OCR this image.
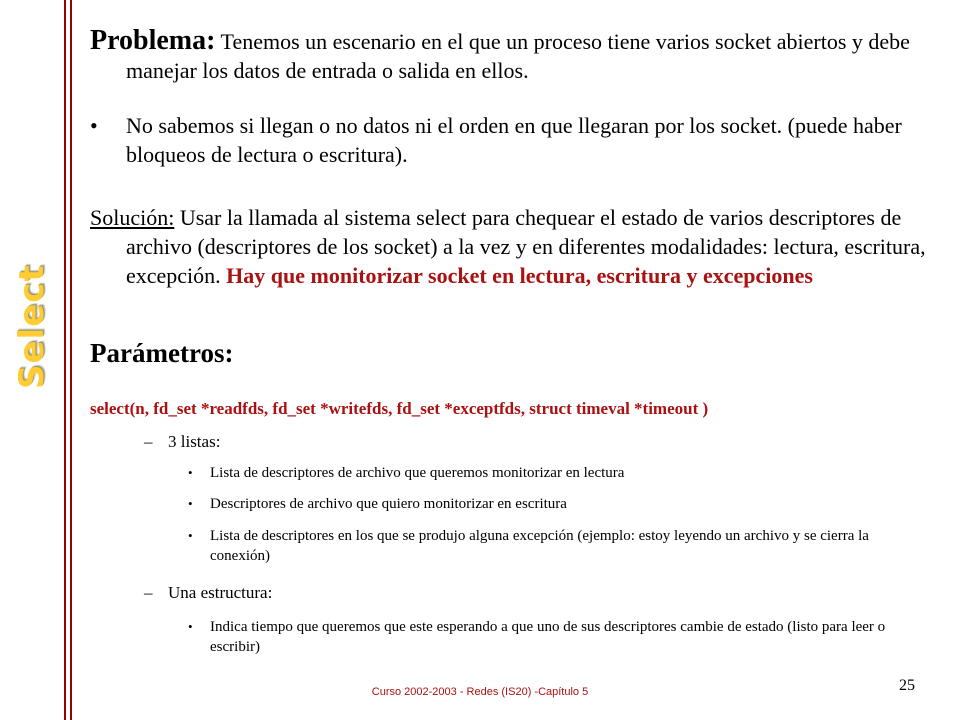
Select
Problema: Tenemos un escenario en el que un proceso tiene varios socket abiertos y debe manejar los datos de entrada o salida en ellos.
• No sabemos si llegan o no datos ni el orden en que llegaran por los socket. (puede haber bloqueos de lectura o escritura).
Solución: Usar la llamada al sistema select para chequear el estado de varios descriptores de archivo (descriptores de los socket) a la vez y en diferentes modalidades: lectura, escritura, excepción. Hay que monitorizar socket en lectura, escritura y excepciones
Parámetros:
select(n, fd_set *readfds, fd_set *writefds, fd_set *exceptfds, struct timeval *timeout )
– 3 listas:
•	Lista de descriptores de archivo que queremos monitorizar en lectura
•	Descriptores de archivo que quiero monitorizar en escritura
•	Lista de descriptores en los que se produjo alguna excepción (ejemplo: estoy leyendo un archivo y se cierra la conexión)
– Una estructura:
•	Indica tiempo que queremos que este esperando a que uno de sus descriptores cambie de estado (listo para leer o escribir)
Curso 2002-2003 - Redes (IS20) -Capítulo 5	25
